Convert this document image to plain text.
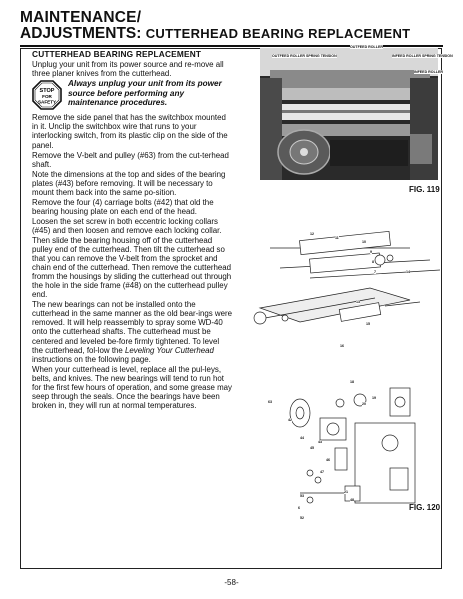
MAINTENANCE/
ADJUSTMENTS: CUTTERHEAD BEARING REPLACEMENT
CUTTERHEAD BEARING REPLACEMENT

Unplug your unit from its power source and re-move all three planer knives from the cutterhead.

STOP
FOR
SAFETY
Always unplug your unit from its power source before performing any maintenance procedures.

Remove the side panel that has the switchbox mounted in it. Unclip the switchbox wire that runs to your interlocking switch, from its plastic clip on the side of the panel.

Remove the V-belt and pulley (#63) from the cut-terhead shaft.

Note the dimensions at the top and sides of the bearing plates (#43) before removing. It will be necessary to mount them back into the same po-sition.

Remove the four (4) carriage bolts (#42) that old the bearing housing plate on each end of the head.

Loosen the set screw in both eccentric locking collars (#45) and then loosen and remove each locking collar. Then slide the bearing housing off of the cutterhead pulley end of the cutterhead. Then tilt the cutterhead so that you can remove the V-belt from the sprocket and chain end of the cutterhead. Then remove the cutterhead fromm the housings by sliding the cutterhead out through the hole in the side frame (#48) on the cutterhead pulley end.

The new bearings can not be installed onto the cutterhead in the same manner as the old bear-ings were removed. It will help reassembly to spray some WD-40 onto the cutterhead shafts. The cutterhead must be centered and leveled be-fore firmly tightened. To level the cutterhead, fol-low the Leveling Your Cutterhead instructions on the following page.

When your cutterhead is level, replace all the pul-leys, belts, and knives. The new bearings will tend to run hot for the first few hours of operation, and some grease may seep through the seals. Once the bearings have been broken in, they will run at normal temperatures.

OUTFEED ROLLER
OUTFEED ROLLER SPRING TENSION	INFEED ROLLER SPRING TENSION
INFEED ROLLER
FIG. 119
FIG. 120
12
11
10
9
8
7	14
13
15
16
63
42
44
43
45
46
47
48
20
21
53
52
19
18
6
-58-
